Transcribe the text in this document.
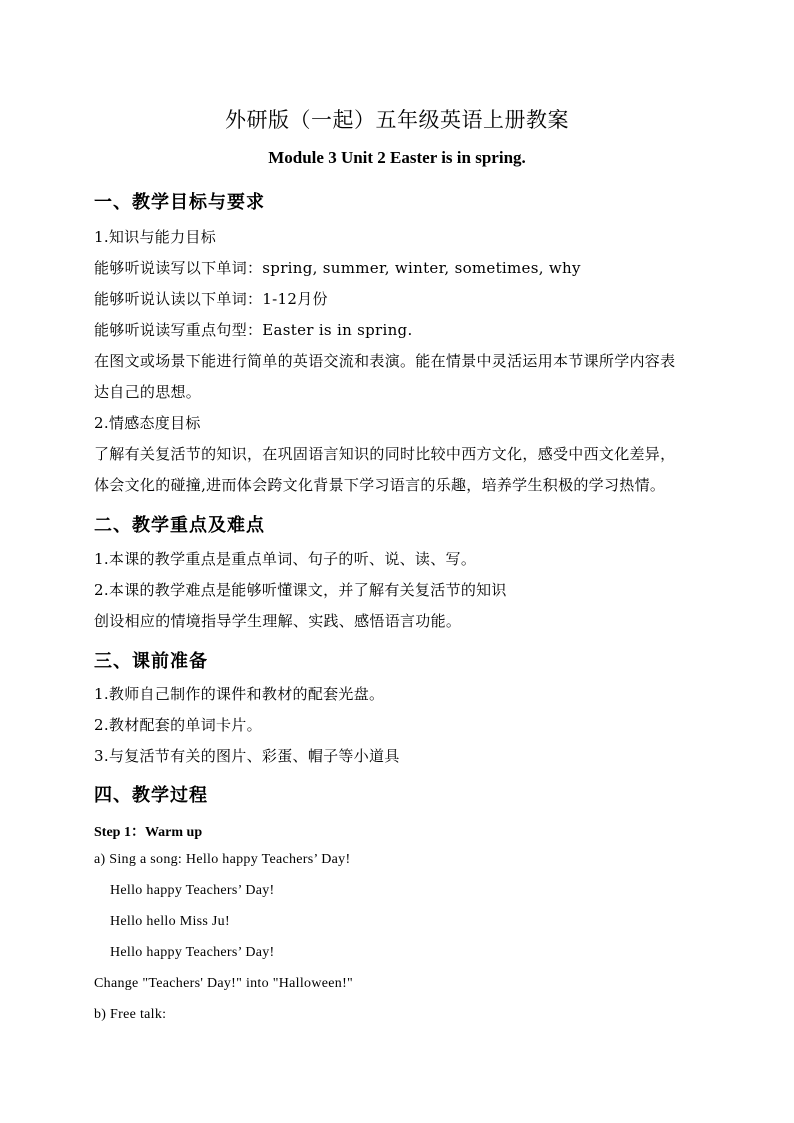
外研版（一起）五年级英语上册教案
Module 3 Unit 2 Easter is in spring.
一、教学目标与要求
1.知识与能力目标
能够听说读写以下单词：spring, summer, winter, sometimes, why
能够听说认读以下单词：1-12月份
能够听说读写重点句型：Easter is in spring.
在图文或场景下能进行简单的英语交流和表演。能在情景中灵活运用本节课所学内容表
达自己的思想。
2.情感态度目标
了解有关复活节的知识，在巩固语言知识的同时比较中西方文化，感受中西文化差异，
体会文化的碰撞,进而体会跨文化背景下学习语言的乐趣，培养学生积极的学习热情。
二、教学重点及难点
1.本课的教学重点是重点单词、句子的听、说、读、写。
2.本课的教学难点是能够听懂课文，并了解有关复活节的知识
创设相应的情境指导学生理解、实践、感悟语言功能。
三、课前准备
1.教师自己制作的课件和教材的配套光盘。
2.教材配套的单词卡片。
3.与复活节有关的图片、彩蛋、帽子等小道具
四、教学过程
Step 1：Warm up
a) Sing a song: Hello happy Teachers’ Day!
Hello happy Teachers’ Day!
Hello hello Miss Ju!
Hello happy Teachers’ Day!
Change "Teachers' Day!" into "Halloween!"
b) Free talk:
